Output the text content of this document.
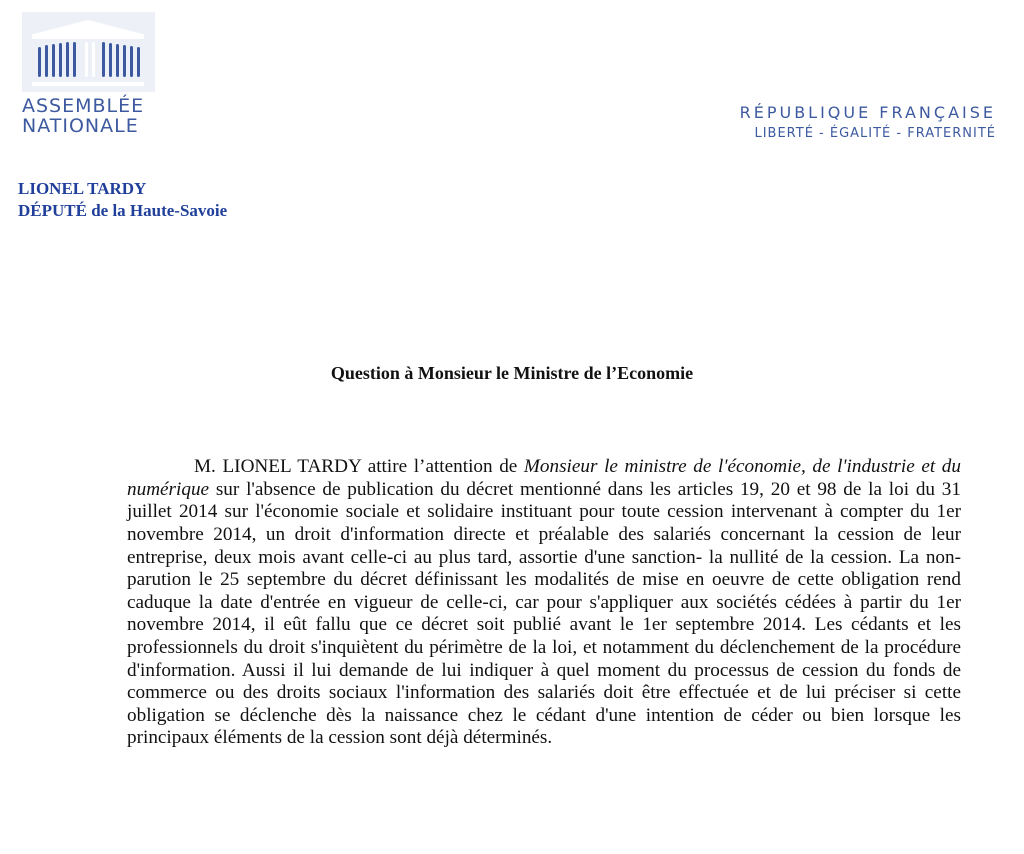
ASSEMBLÉE
NATIONALE
RÉPUBLIQUE FRANÇAISE
LIBERTÉ - ÉGALITÉ - FRATERNITÉ
LIONEL TARDY
DÉPUTÉ de la Haute-Savoie
Question à Monsieur le Ministre de l’Economie

M. LIONEL TARDY attire l’attention de Monsieur le ministre de l'économie, de l'industrie et du numérique sur l'absence de publication du décret mentionné dans les articles 19, 20 et 98 de la loi du 31 juillet 2014 sur l'économie sociale et solidaire instituant pour toute cession intervenant à compter du 1er novembre 2014, un droit d'information directe et préalable des salariés concernant la cession de leur entreprise, deux mois avant celle-ci au plus tard, assortie d'une sanction- la nullité de la cession. La non-parution le 25 septembre du décret définissant les modalités de mise en oeuvre de cette obligation rend caduque la date d'entrée en vigueur de celle-ci, car pour s'appliquer aux sociétés cédées à partir du 1er novembre 2014, il eût fallu que ce décret soit publié avant le 1er septembre 2014. Les cédants et les professionnels du droit s'inquiètent du périmètre de la loi, et notamment du déclenchement de la procédure d'information. Aussi il lui demande de lui indiquer à quel moment du processus de cession du fonds de commerce ou des droits sociaux l'information des salariés doit être effectuée et de lui préciser si cette obligation se déclenche dès la naissance chez le cédant d'une intention de céder ou bien lorsque les principaux éléments de la cession sont déjà déterminés.
